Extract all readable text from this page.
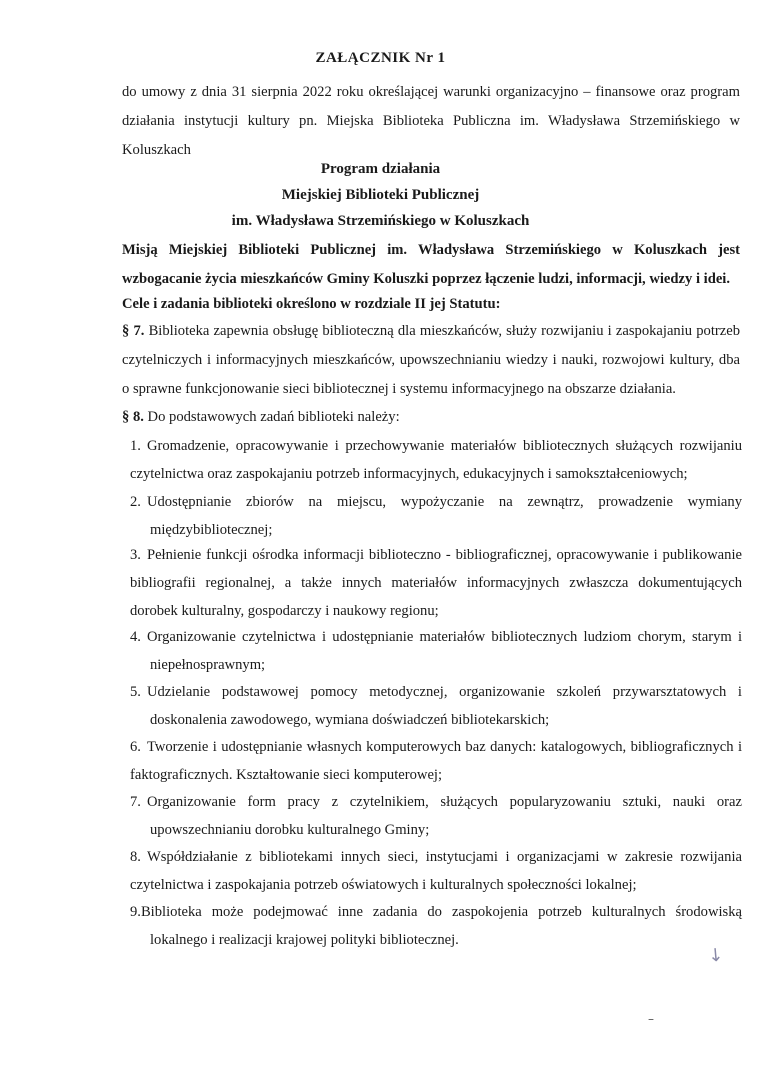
ZAŁĄCZNIK Nr 1
do umowy z dnia 31 sierpnia 2022 roku określającej warunki organizacyjno – finansowe oraz program działania instytucji kultury pn. Miejska Biblioteka Publiczna im. Władysława Strzemińskiego w Koluszkach
Program działania
Miejskiej Biblioteki Publicznej
im. Władysława Strzemińskiego w Koluszkach
Misją Miejskiej Biblioteki Publicznej im. Władysława Strzemińskiego w Koluszkach jest wzbogacanie życia mieszkańców Gminy Koluszki poprzez łączenie ludzi, informacji, wiedzy i idei.
Cele i zadania biblioteki określono w rozdziale II jej Statutu:
§ 7. Biblioteka zapewnia obsługę biblioteczną dla mieszkańców, służy rozwijaniu i zaspokajaniu potrzeb czytelniczych i informacyjnych mieszkańców, upowszechnianiu wiedzy i nauki, rozwojowi kultury, dba o sprawne funkcjonowanie sieci bibliotecznej i systemu informacyjnego na obszarze działania.
§ 8. Do podstawowych zadań biblioteki należy:
1. Gromadzenie, opracowywanie i przechowywanie materiałów bibliotecznych służących rozwijaniu czytelnictwa oraz zaspokajaniu potrzeb informacyjnych, edukacyjnych i samokształceniowych;
2. Udostępnianie zbiorów na miejscu, wypożyczanie na zewnątrz, prowadzenie wymiany międzybibliotecznej;
3. Pełnienie funkcji ośrodka informacji biblioteczno - bibliograficznej, opracowywanie i publikowanie bibliografii regionalnej, a także innych materiałów informacyjnych zwłaszcza dokumentujących dorobek kulturalny, gospodarczy i naukowy regionu;
4. Organizowanie czytelnictwa i udostępnianie materiałów bibliotecznych ludziom chorym, starym i niepełnosprawnym;
5. Udzielanie podstawowej pomocy metodycznej, organizowanie szkoleń przywarsztatowych i doskonalenia zawodowego, wymiana doświadczeń bibliotekarskich;
6. Tworzenie i udostępnianie własnych komputerowych baz danych: katalogowych, bibliograficznych i faktograficznych. Kształtowanie sieci komputerowej;
7. Organizowanie form pracy z czytelnikiem, służących popularyzowaniu sztuki, nauki oraz upowszechnianiu dorobku kulturalnego Gminy;
8. Współdziałanie z bibliotekami innych sieci, instytucjami i organizacjami w zakresie rozwijania czytelnictwa i zaspokajania potrzeb oświatowych i kulturalnych społeczności lokalnej;
9.Biblioteka może podejmować inne zadania do zaspokojenia potrzeb kulturalnych środowiską lokalnego i realizacji krajowej polityki bibliotecznej.
↘
–
